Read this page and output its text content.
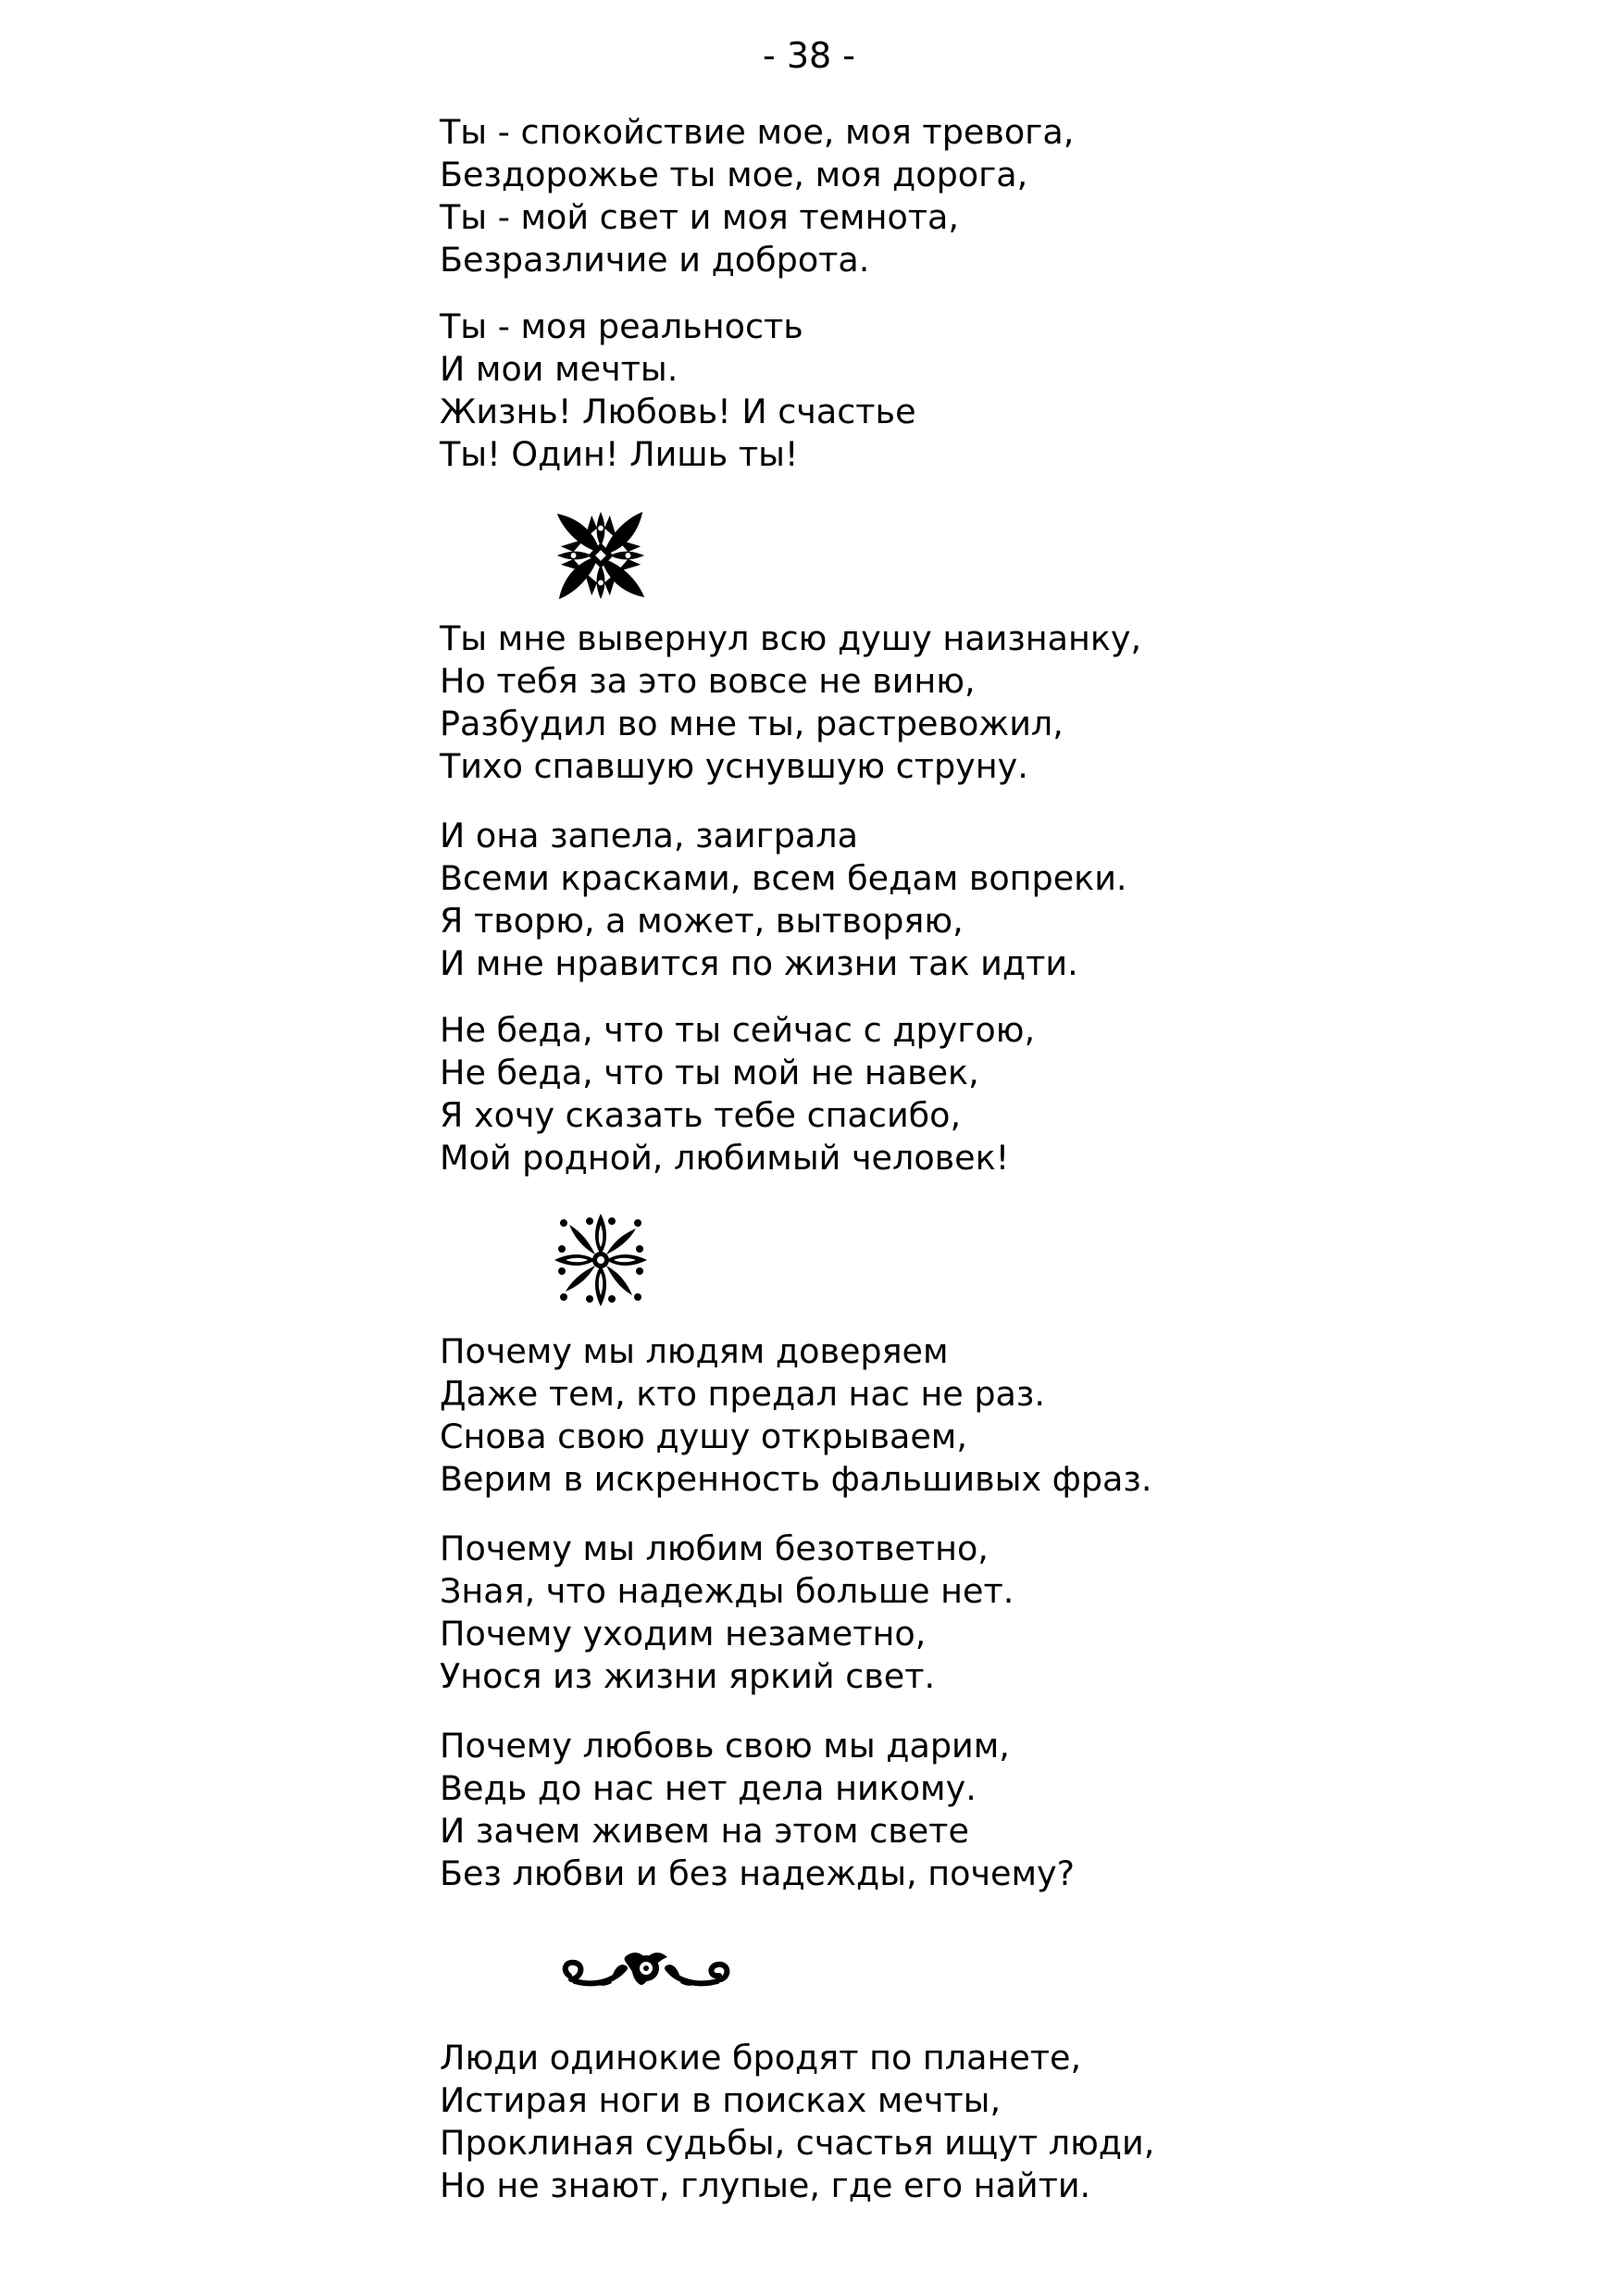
- 38 -
Ты - спокойствие мое, моя тревога,
Бездорожье ты мое, моя дорога,
Ты - мой свет и моя темнота,
Безразличие и доброта.
Ты - моя реальность
И мои мечты.
Жизнь! Любовь! И счастье
Ты! Один! Лишь ты!
Ты мне вывернул всю душу наизнанку,
Но тебя за это вовсе не виню,
Разбудил во мне ты, растревожил,
Тихо спавшую уснувшую струну.
И она запела, заиграла
Всеми красками, всем бедам вопреки.
Я творю, а может, вытворяю,
И мне нравится по жизни так идти.
Не беда, что ты сейчас с другою,
Не беда, что ты мой не навек,
Я хочу сказать тебе спасибо,
Мой родной, любимый человек!
Почему мы людям доверяем
Даже тем, кто предал нас не раз.
Снова свою душу открываем,
Верим в искренность фальшивых фраз.
Почему мы любим безответно,
Зная, что надежды больше нет.
Почему уходим незаметно,
Унося из жизни яркий свет.
Почему любовь свою мы дарим,
Ведь до нас нет дела никому.
И зачем живем на этом свете
Без любви и без надежды, почему?
Люди одинокие бродят по планете,
Истирая ноги в поисках мечты,
Проклиная судьбы, счастья ищут люди,
Но не знают, глупые, где его найти.
